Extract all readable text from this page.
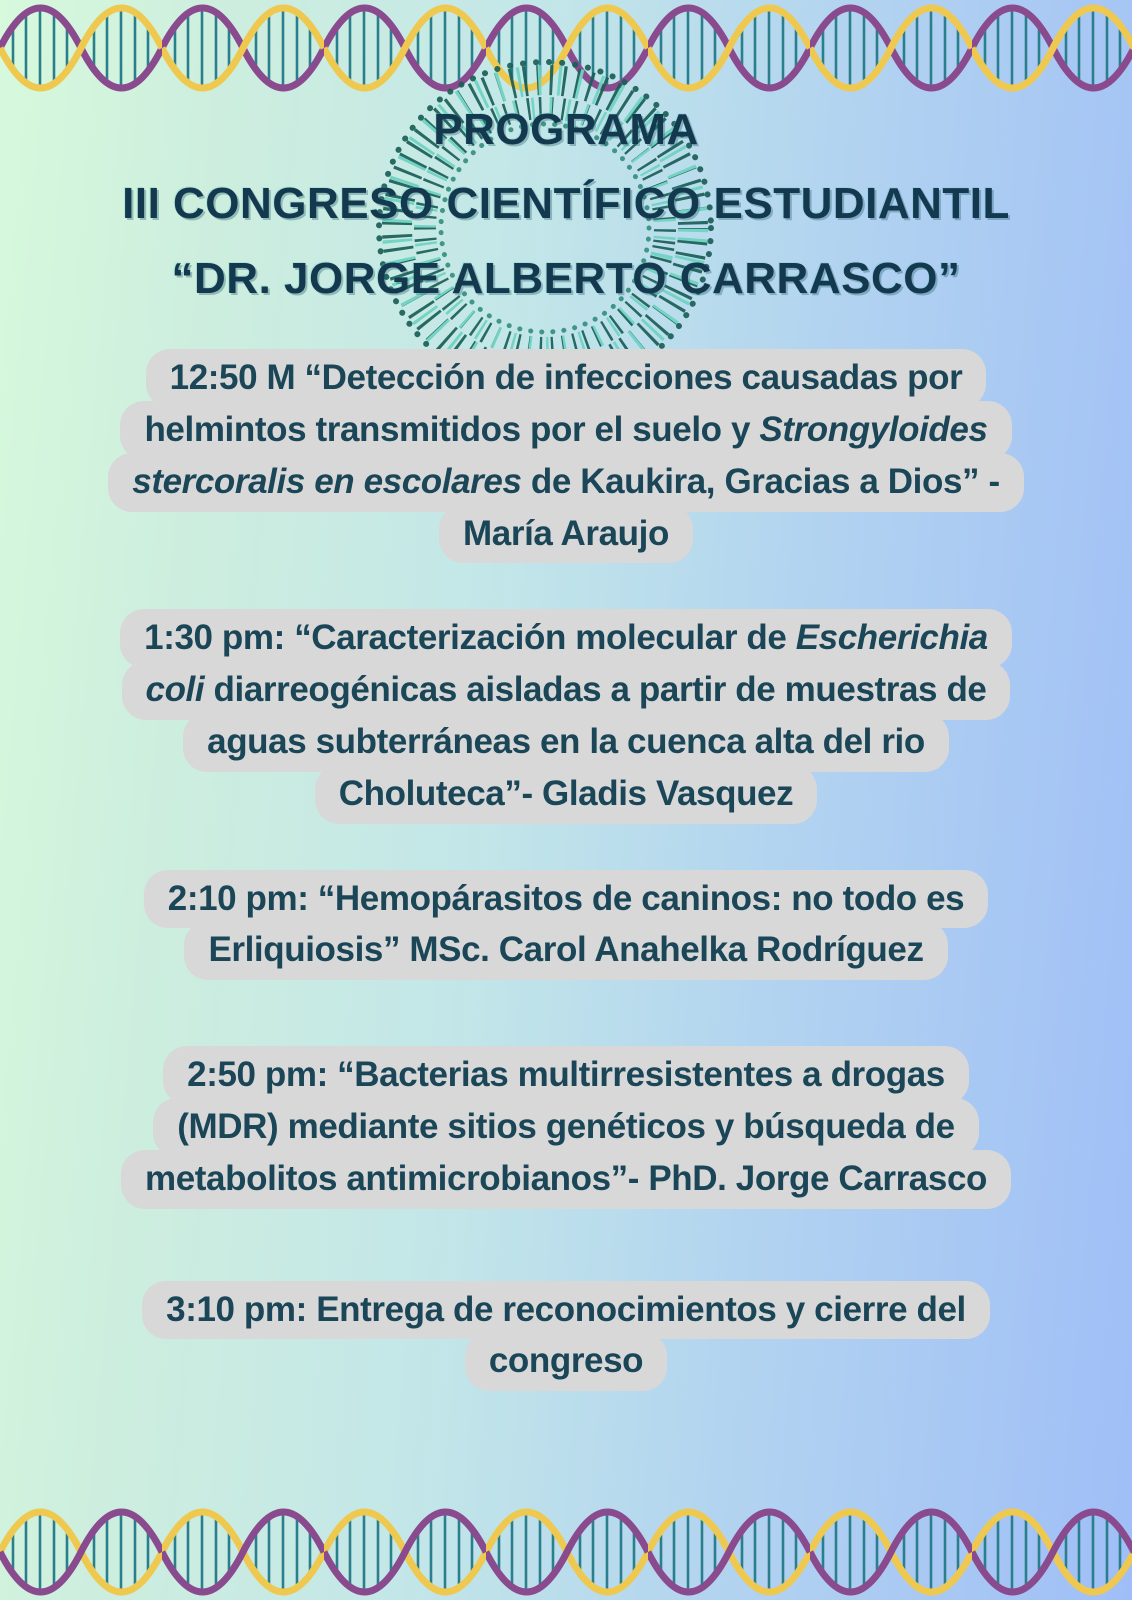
PROGRAMA
III CONGRESO CIENTÍFICO ESTUDIANTIL
“DR. JORGE ALBERTO CARRASCO”
12:50 M “Detección de infecciones causadas por
helmintos transmitidos por el suelo y Strongyloides
stercoralis en escolares de Kaukira, Gracias a Dios” -
María Araujo
1:30 pm: “Caracterización molecular de Escherichia
coli diarreogénicas aisladas a partir de muestras de
aguas subterráneas en la cuenca alta del rio
Choluteca”- Gladis Vasquez
2:10 pm: “Hemopárasitos de caninos: no todo es
Erliquiosis” MSc. Carol Anahelka Rodríguez
2:50 pm: “Bacterias multirresistentes a drogas
(MDR) mediante sitios genéticos y búsqueda de
metabolitos antimicrobianos”- PhD. Jorge Carrasco
3:10 pm: Entrega de reconocimientos y cierre del
congreso
